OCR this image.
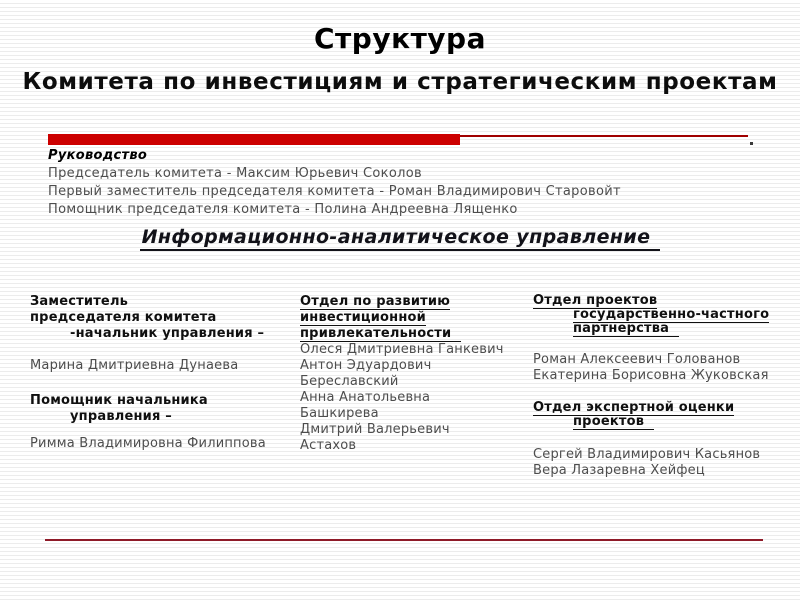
Структура
Комитета по инвестициям и стратегическим проектам
Руководство
Председатель комитета - Максим Юрьевич Соколов
Первый заместитель председателя комитета - Роман Владимирович Старовойт
Помощник председателя комитета - Полина Андреевна Лященко
Информационно-аналитическое управление
Заместитель
председателя комитета
-начальник управления –
Марина Дмитриевна Дунаева
Помощник начальника
управления –
Римма Владимировна Филиппова
Отдел по развитию
инвестиционной
привлекательности
Олеся Дмитриевна Ганкевич
Антон Эдуардович
Береславский
Анна Анатольевна
Башкирева
Дмитрий Валерьевич
Астахов
Отдел проектов
государственно-частного
партнерства
Роман Алексеевич Голованов
Екатерина Борисовна Жуковская
Отдел экспертной оценки
проектов
Сергей Владимирович Касьянов
Вера Лазаревна Хейфец
